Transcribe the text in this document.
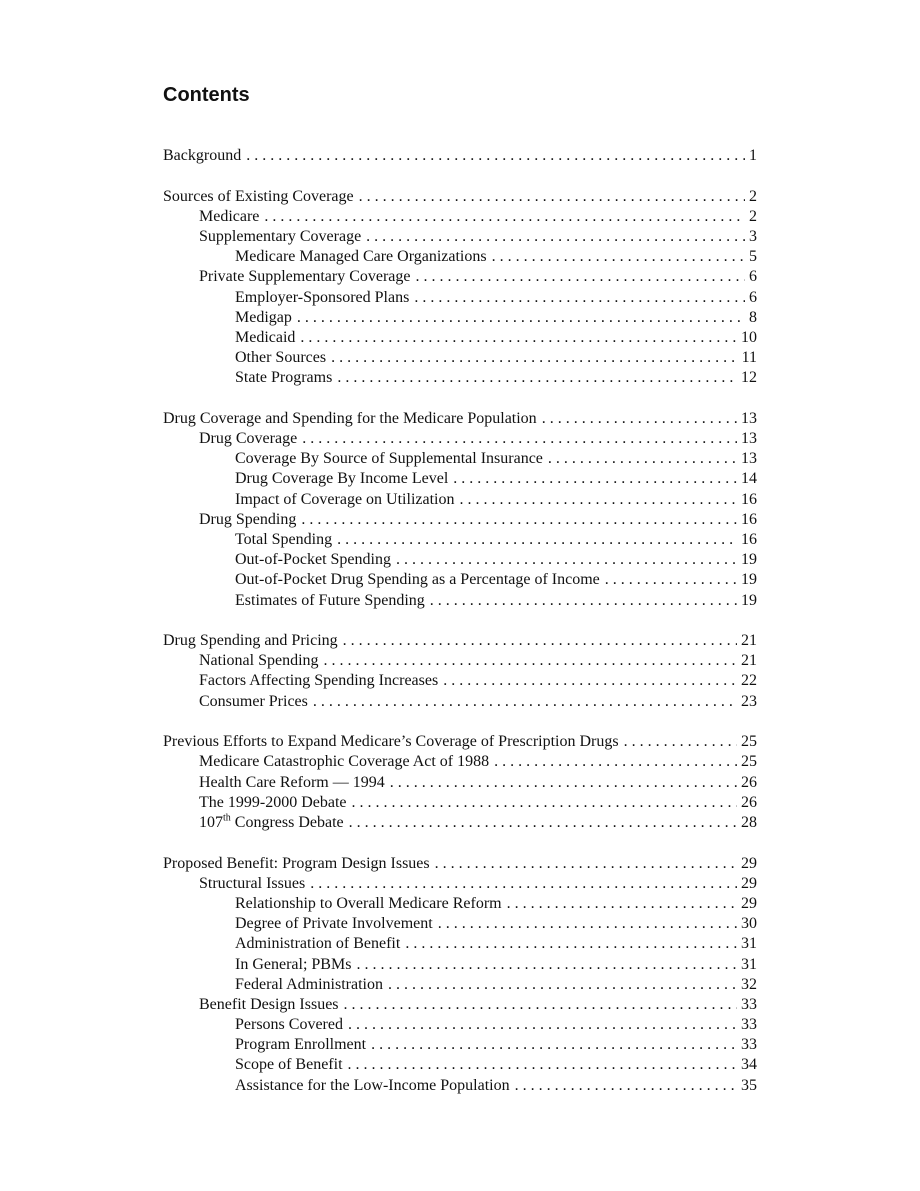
Contents
Background . . .	1
Sources of Existing Coverage . . .	2
Medicare . . .	2
Supplementary Coverage . . .	3
Medicare Managed Care Organizations . . .	5
Private Supplementary Coverage . . .	6
Employer-Sponsored Plans . . .	6
Medigap . . .	8
Medicaid . . .	10
Other Sources . . .	11
State Programs . . .	12
Drug Coverage and Spending for the Medicare Population . . .	13
Drug Coverage . . .	13
Coverage By Source of Supplemental Insurance . . .	13
Drug Coverage By Income Level . . .	14
Impact of Coverage on Utilization . . .	16
Drug Spending . . .	16
Total Spending . . .	16
Out-of-Pocket Spending . . .	19
Out-of-Pocket Drug Spending as a Percentage of Income . . .	19
Estimates of Future Spending . . .	19
Drug Spending and Pricing . . .	21
National Spending . . .	21
Factors Affecting Spending Increases . . .	22
Consumer Prices . . .	23
Previous Efforts to Expand Medicare’s Coverage of Prescription Drugs . . .	25
Medicare Catastrophic Coverage Act of 1988 . . .	25
Health Care Reform — 1994 . . .	26
The 1999-2000 Debate . . .	26
107th Congress Debate . . .	28
Proposed Benefit: Program Design Issues . . .	29
Structural Issues . . .	29
Relationship to Overall Medicare Reform . . .	29
Degree of Private Involvement . . .	30
Administration of Benefit . . .	31
In General; PBMs . . .	31
Federal Administration . . .	32
Benefit Design Issues . . .	33
Persons Covered . . .	33
Program Enrollment . . .	33
Scope of Benefit . . .	34
Assistance for the Low-Income Population . . .	35
